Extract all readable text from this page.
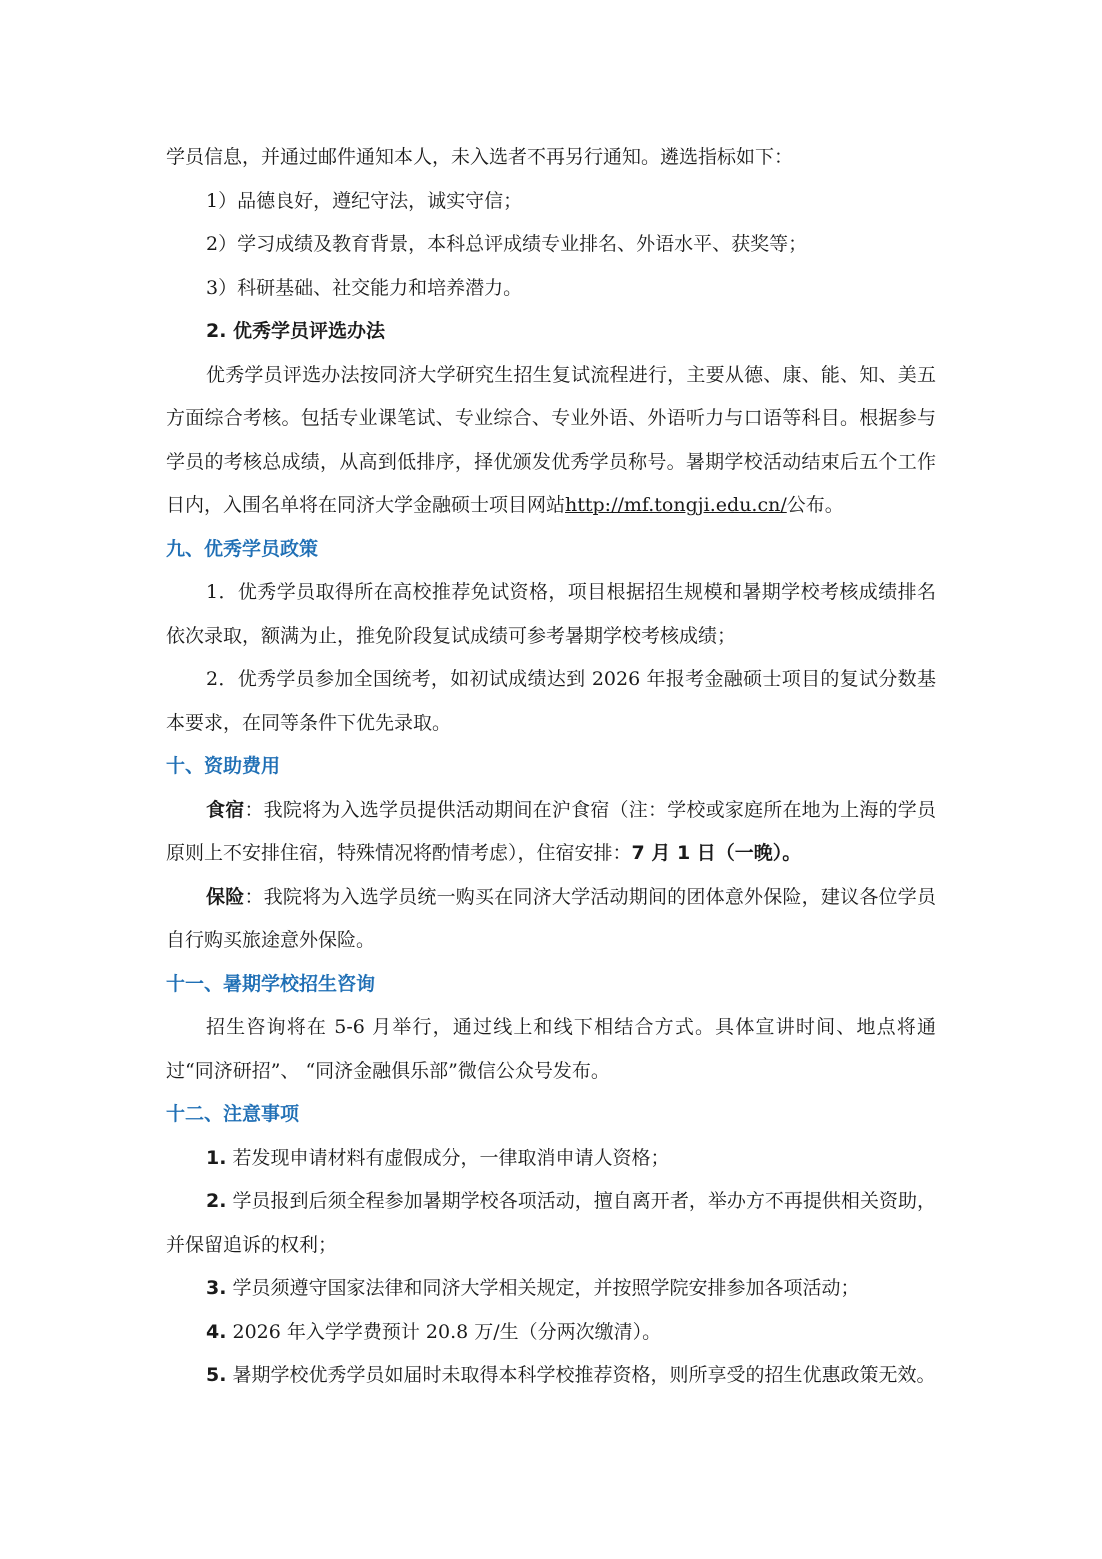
学员信息，并通过邮件通知本人，未入选者不再另行通知。遴选指标如下：

1）品德良好，遵纪守法，诚实守信；

2）学习成绩及教育背景，本科总评成绩专业排名、外语水平、获奖等；

3）科研基础、社交能力和培养潜力。

2. 优秀学员评选办法

优秀学员评选办法按同济大学研究生招生复试流程进行，主要从德、康、能、知、美五方面综合考核。包括专业课笔试、专业综合、专业外语、外语听力与口语等科目。根据参与学员的考核总成绩，从高到低排序，择优颁发优秀学员称号。暑期学校活动结束后五个工作日内，入围名单将在同济大学金融硕士项目网站http://mf.tongji.edu.cn/公布。

九、优秀学员政策

1．优秀学员取得所在高校推荐免试资格，项目根据招生规模和暑期学校考核成绩排名依次录取，额满为止，推免阶段复试成绩可参考暑期学校考核成绩；

2．优秀学员参加全国统考，如初试成绩达到 2026 年报考金融硕士项目的复试分数基本要求，在同等条件下优先录取。

十、资助费用

食宿：我院将为入选学员提供活动期间在沪食宿（注：学校或家庭所在地为上海的学员原则上不安排住宿，特殊情况将酌情考虑），住宿安排：7 月 1 日（一晚）。

保险：我院将为入选学员统一购买在同济大学活动期间的团体意外保险，建议各位学员自行购买旅途意外保险。

十一、暑期学校招生咨询

招生咨询将在 5-6 月举行，通过线上和线下相结合方式。具体宣讲时间、地点将通过“同济研招”、 “同济金融俱乐部”微信公众号发布。

十二、注意事项

1. 若发现申请材料有虚假成分，一律取消申请人资格；

2. 学员报到后须全程参加暑期学校各项活动，擅自离开者，举办方不再提供相关资助，并保留追诉的权利；

3. 学员须遵守国家法律和同济大学相关规定，并按照学院安排参加各项活动；

4. 2026 年入学学费预计 20.8 万/生（分两次缴清）。

5. 暑期学校优秀学员如届时未取得本科学校推荐资格，则所享受的招生优惠政策无效。
